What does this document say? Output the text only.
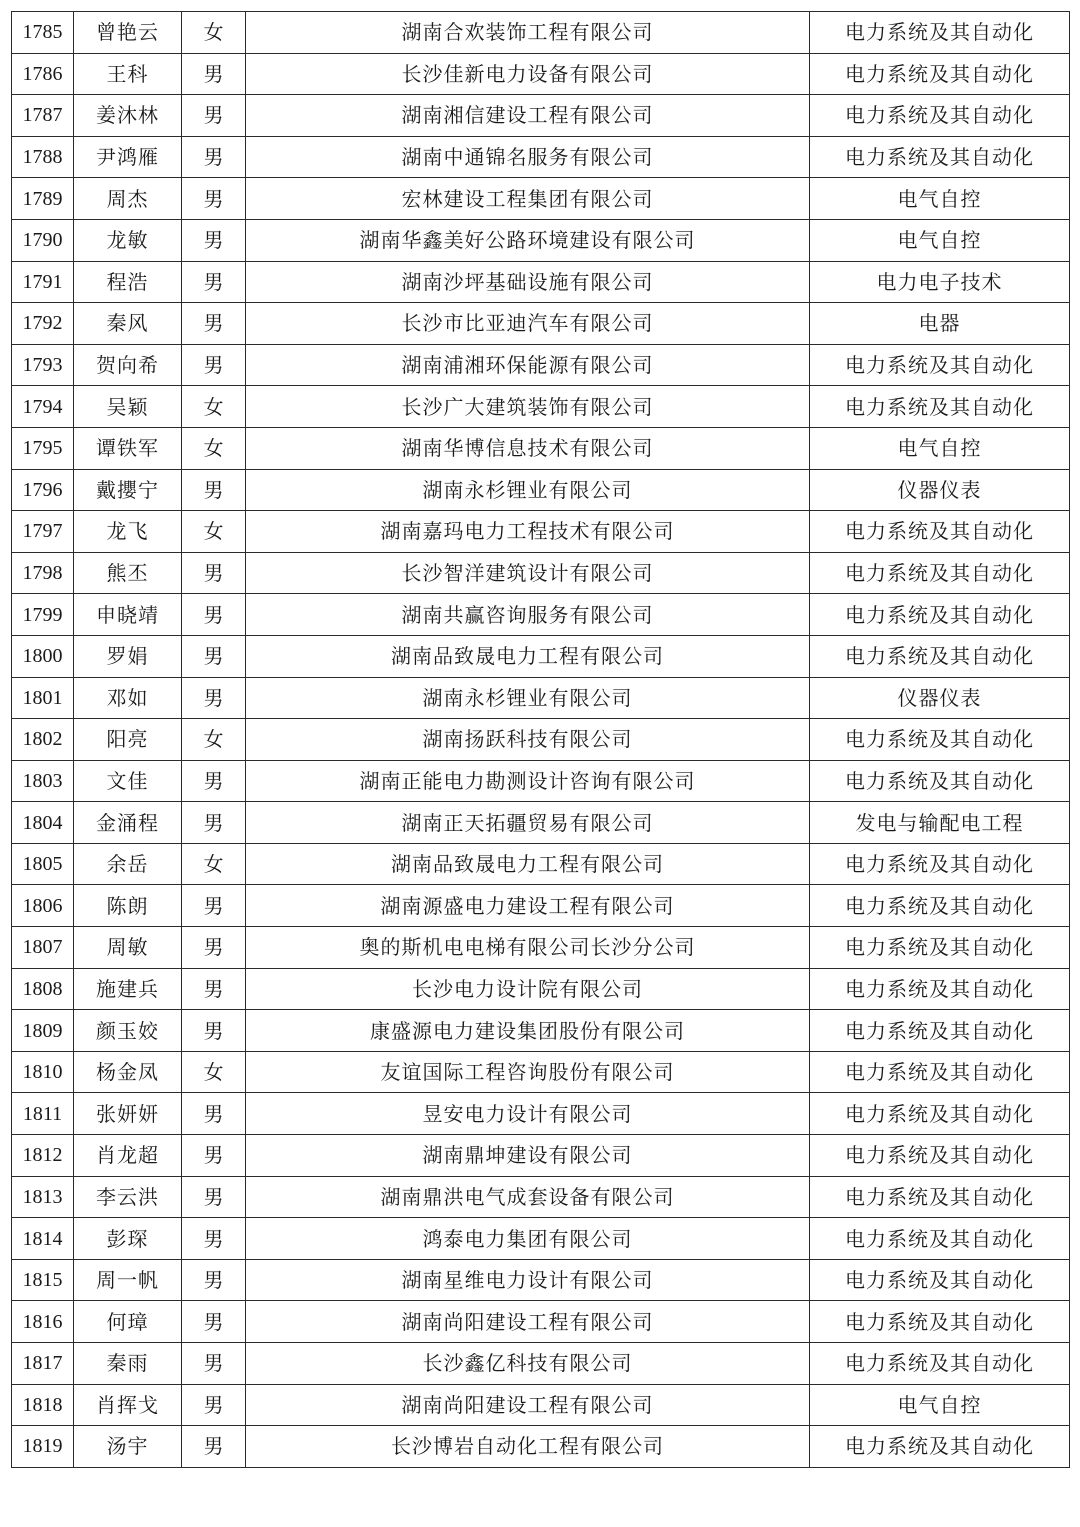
1785	曾艳云	女	湖南合欢装饰工程有限公司	电力系统及其自动化
1786	王科	男	长沙佳新电力设备有限公司	电力系统及其自动化
1787	姜沐林	男	湖南湘信建设工程有限公司	电力系统及其自动化
1788	尹鸿雁	男	湖南中通锦名服务有限公司	电力系统及其自动化
1789	周杰	男	宏林建设工程集团有限公司	电气自控
1790	龙敏	男	湖南华鑫美好公路环境建设有限公司	电气自控
1791	程浩	男	湖南沙坪基础设施有限公司	电力电子技术
1792	秦风	男	长沙市比亚迪汽车有限公司	电器
1793	贺向希	男	湖南浦湘环保能源有限公司	电力系统及其自动化
1794	吴颖	女	长沙广大建筑装饰有限公司	电力系统及其自动化
1795	谭铁军	女	湖南华博信息技术有限公司	电气自控
1796	戴攖宁	男	湖南永杉锂业有限公司	仪器仪表
1797	龙飞	女	湖南嘉玛电力工程技术有限公司	电力系统及其自动化
1798	熊丕	男	长沙智洋建筑设计有限公司	电力系统及其自动化
1799	申晓靖	男	湖南共赢咨询服务有限公司	电力系统及其自动化
1800	罗娟	男	湖南品致晟电力工程有限公司	电力系统及其自动化
1801	邓如	男	湖南永杉锂业有限公司	仪器仪表
1802	阳亮	女	湖南扬跃科技有限公司	电力系统及其自动化
1803	文佳	男	湖南正能电力勘测设计咨询有限公司	电力系统及其自动化
1804	金涌程	男	湖南正天拓疆贸易有限公司	发电与输配电工程
1805	余岳	女	湖南品致晟电力工程有限公司	电力系统及其自动化
1806	陈朗	男	湖南源盛电力建设工程有限公司	电力系统及其自动化
1807	周敏	男	奥的斯机电电梯有限公司长沙分公司	电力系统及其自动化
1808	施建兵	男	长沙电力设计院有限公司	电力系统及其自动化
1809	颜玉姣	男	康盛源电力建设集团股份有限公司	电力系统及其自动化
1810	杨金凤	女	友谊国际工程咨询股份有限公司	电力系统及其自动化
1811	张妍妍	男	昱安电力设计有限公司	电力系统及其自动化
1812	肖龙超	男	湖南鼎坤建设有限公司	电力系统及其自动化
1813	李云洪	男	湖南鼎洪电气成套设备有限公司	电力系统及其自动化
1814	彭琛	男	鸿泰电力集团有限公司	电力系统及其自动化
1815	周一帆	男	湖南星维电力设计有限公司	电力系统及其自动化
1816	何璋	男	湖南尚阳建设工程有限公司	电力系统及其自动化
1817	秦雨	男	长沙鑫亿科技有限公司	电力系统及其自动化
1818	肖挥戈	男	湖南尚阳建设工程有限公司	电气自控
1819	汤宇	男	长沙博岩自动化工程有限公司	电力系统及其自动化
